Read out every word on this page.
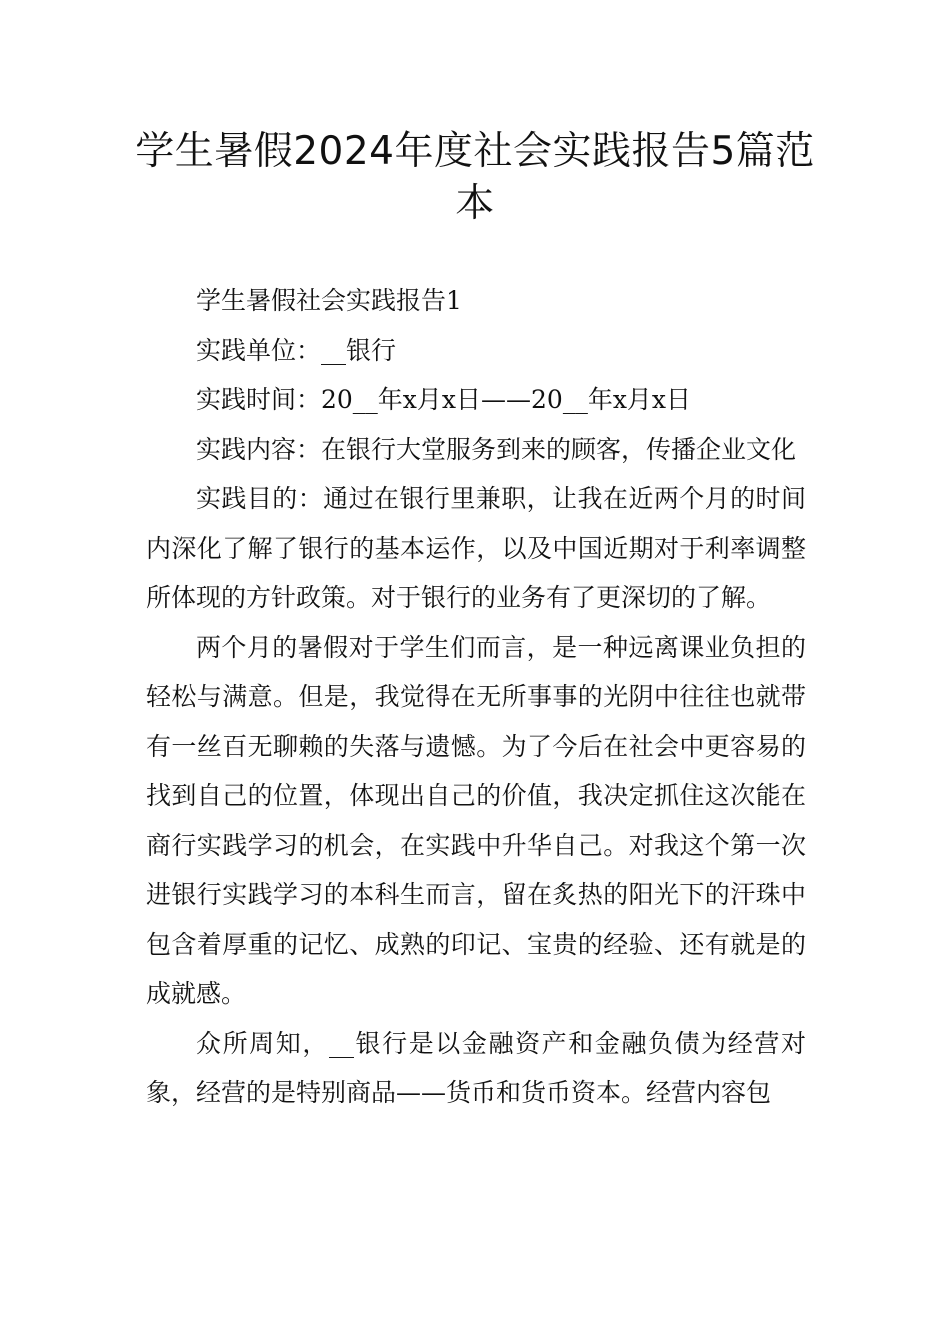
学生暑假2024年度社会实践报告5篇范本

学生暑假社会实践报告1

实践单位：__银行

实践时间：20__年x月x日——20__年x月x日

实践内容：在银行大堂服务到来的顾客，传播企业文化

实践目的：通过在银行里兼职，让我在近两个月的时间内深化了解了银行的基本运作，以及中国近期对于利率调整所体现的方针政策。对于银行的业务有了更深切的了解。

两个月的暑假对于学生们而言，是一种远离课业负担的轻松与满意。但是，我觉得在无所事事的光阴中往往也就带有一丝百无聊赖的失落与遗憾。为了今后在社会中更容易的找到自己的位置，体现出自己的价值，我决定抓住这次能在商行实践学习的机会，在实践中升华自己。对我这个第一次进银行实践学习的本科生而言，留在炙热的阳光下的汗珠中包含着厚重的记忆、成熟的印记、宝贵的经验、还有就是的成就感。

众所周知，__银行是以金融资产和金融负债为经营对象，经营的是特别商品——货币和货币资本。经营内容包
